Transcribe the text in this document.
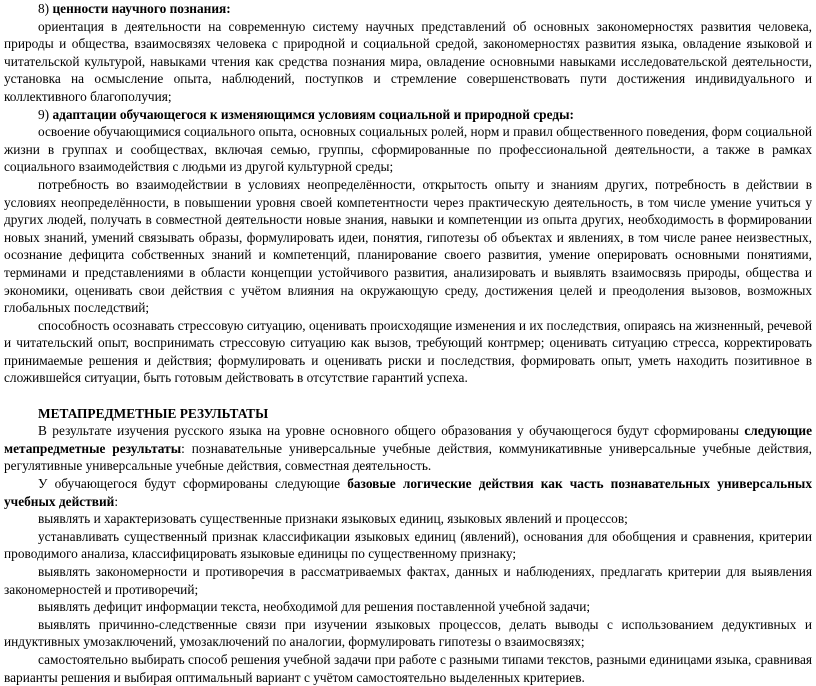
8) ценности научного познания:

ориентация в деятельности на современную систему научных представлений об основных закономерностях развития человека, природы и общества, взаимосвязях человека с природной и социальной средой, закономерностях развития языка, овладение языковой и читательской культурой, навыками чтения как средства познания мира, овладение основными навыками исследовательской деятельности, установка на осмысление опыта, наблюдений, поступков и стремление совершенствовать пути достижения индивидуального и коллективного благополучия;

9) адаптации обучающегося к изменяющимся условиям социальной и природной среды:

освоение обучающимися социального опыта, основных социальных ролей, норм и правил общественного поведения, форм социальной жизни в группах и сообществах, включая семью, группы, сформированные по профессиональной деятельности, а также в рамках социального взаимодействия с людьми из другой культурной среды;

потребность во взаимодействии в условиях неопределённости, открытость опыту и знаниям других, потребность в действии в условиях неопределённости, в повышении уровня своей компетентности через практическую деятельность, в том числе умение учиться у других людей, получать в совместной деятельности новые знания, навыки и компетенции из опыта других, необходимость в формировании новых знаний, умений связывать образы, формулировать идеи, понятия, гипотезы об объектах и явлениях, в том числе ранее неизвестных, осознание дефицита собственных знаний и компетенций, планирование своего развития, умение оперировать основными понятиями, терминами и представлениями в области концепции устойчивого развития, анализировать и выявлять взаимосвязь природы, общества и экономики, оценивать свои действия с учётом влияния на окружающую среду, достижения целей и преодоления вызовов, возможных глобальных последствий;

способность осознавать стрессовую ситуацию, оценивать происходящие изменения и их последствия, опираясь на жизненный, речевой и читательский опыт, воспринимать стрессовую ситуацию как вызов, требующий контрмер; оценивать ситуацию стресса, корректировать принимаемые решения и действия; формулировать и оценивать риски и последствия, формировать опыт, уметь находить позитивное в сложившейся ситуации, быть готовым действовать в отсутствие гарантий успеха.

МЕТАПРЕДМЕТНЫЕ РЕЗУЛЬТАТЫ

В результате изучения русского языка на уровне основного общего образования у обучающегося будут сформированы следующие метапредметные результаты: познавательные универсальные учебные действия, коммуникативные универсальные учебные действия, регулятивные универсальные учебные действия, совместная деятельность.

У обучающегося будут сформированы следующие базовые логические действия как часть познавательных универсальных учебных действий:

выявлять и характеризовать существенные признаки языковых единиц, языковых явлений и процессов;

устанавливать существенный признак классификации языковых единиц (явлений), основания для обобщения и сравнения, критерии проводимого анализа, классифицировать языковые единицы по существенному признаку;

выявлять закономерности и противоречия в рассматриваемых фактах, данных и наблюдениях, предлагать критерии для выявления закономерностей и противоречий;

выявлять дефицит информации текста, необходимой для решения поставленной учебной задачи;

выявлять причинно-следственные связи при изучении языковых процессов, делать выводы с использованием дедуктивных и индуктивных умозаключений, умозаключений по аналогии, формулировать гипотезы о взаимосвязях;

самостоятельно выбирать способ решения учебной задачи при работе с разными типами текстов, разными единицами языка, сравнивая варианты решения и выбирая оптимальный вариант с учётом самостоятельно выделенных критериев.
